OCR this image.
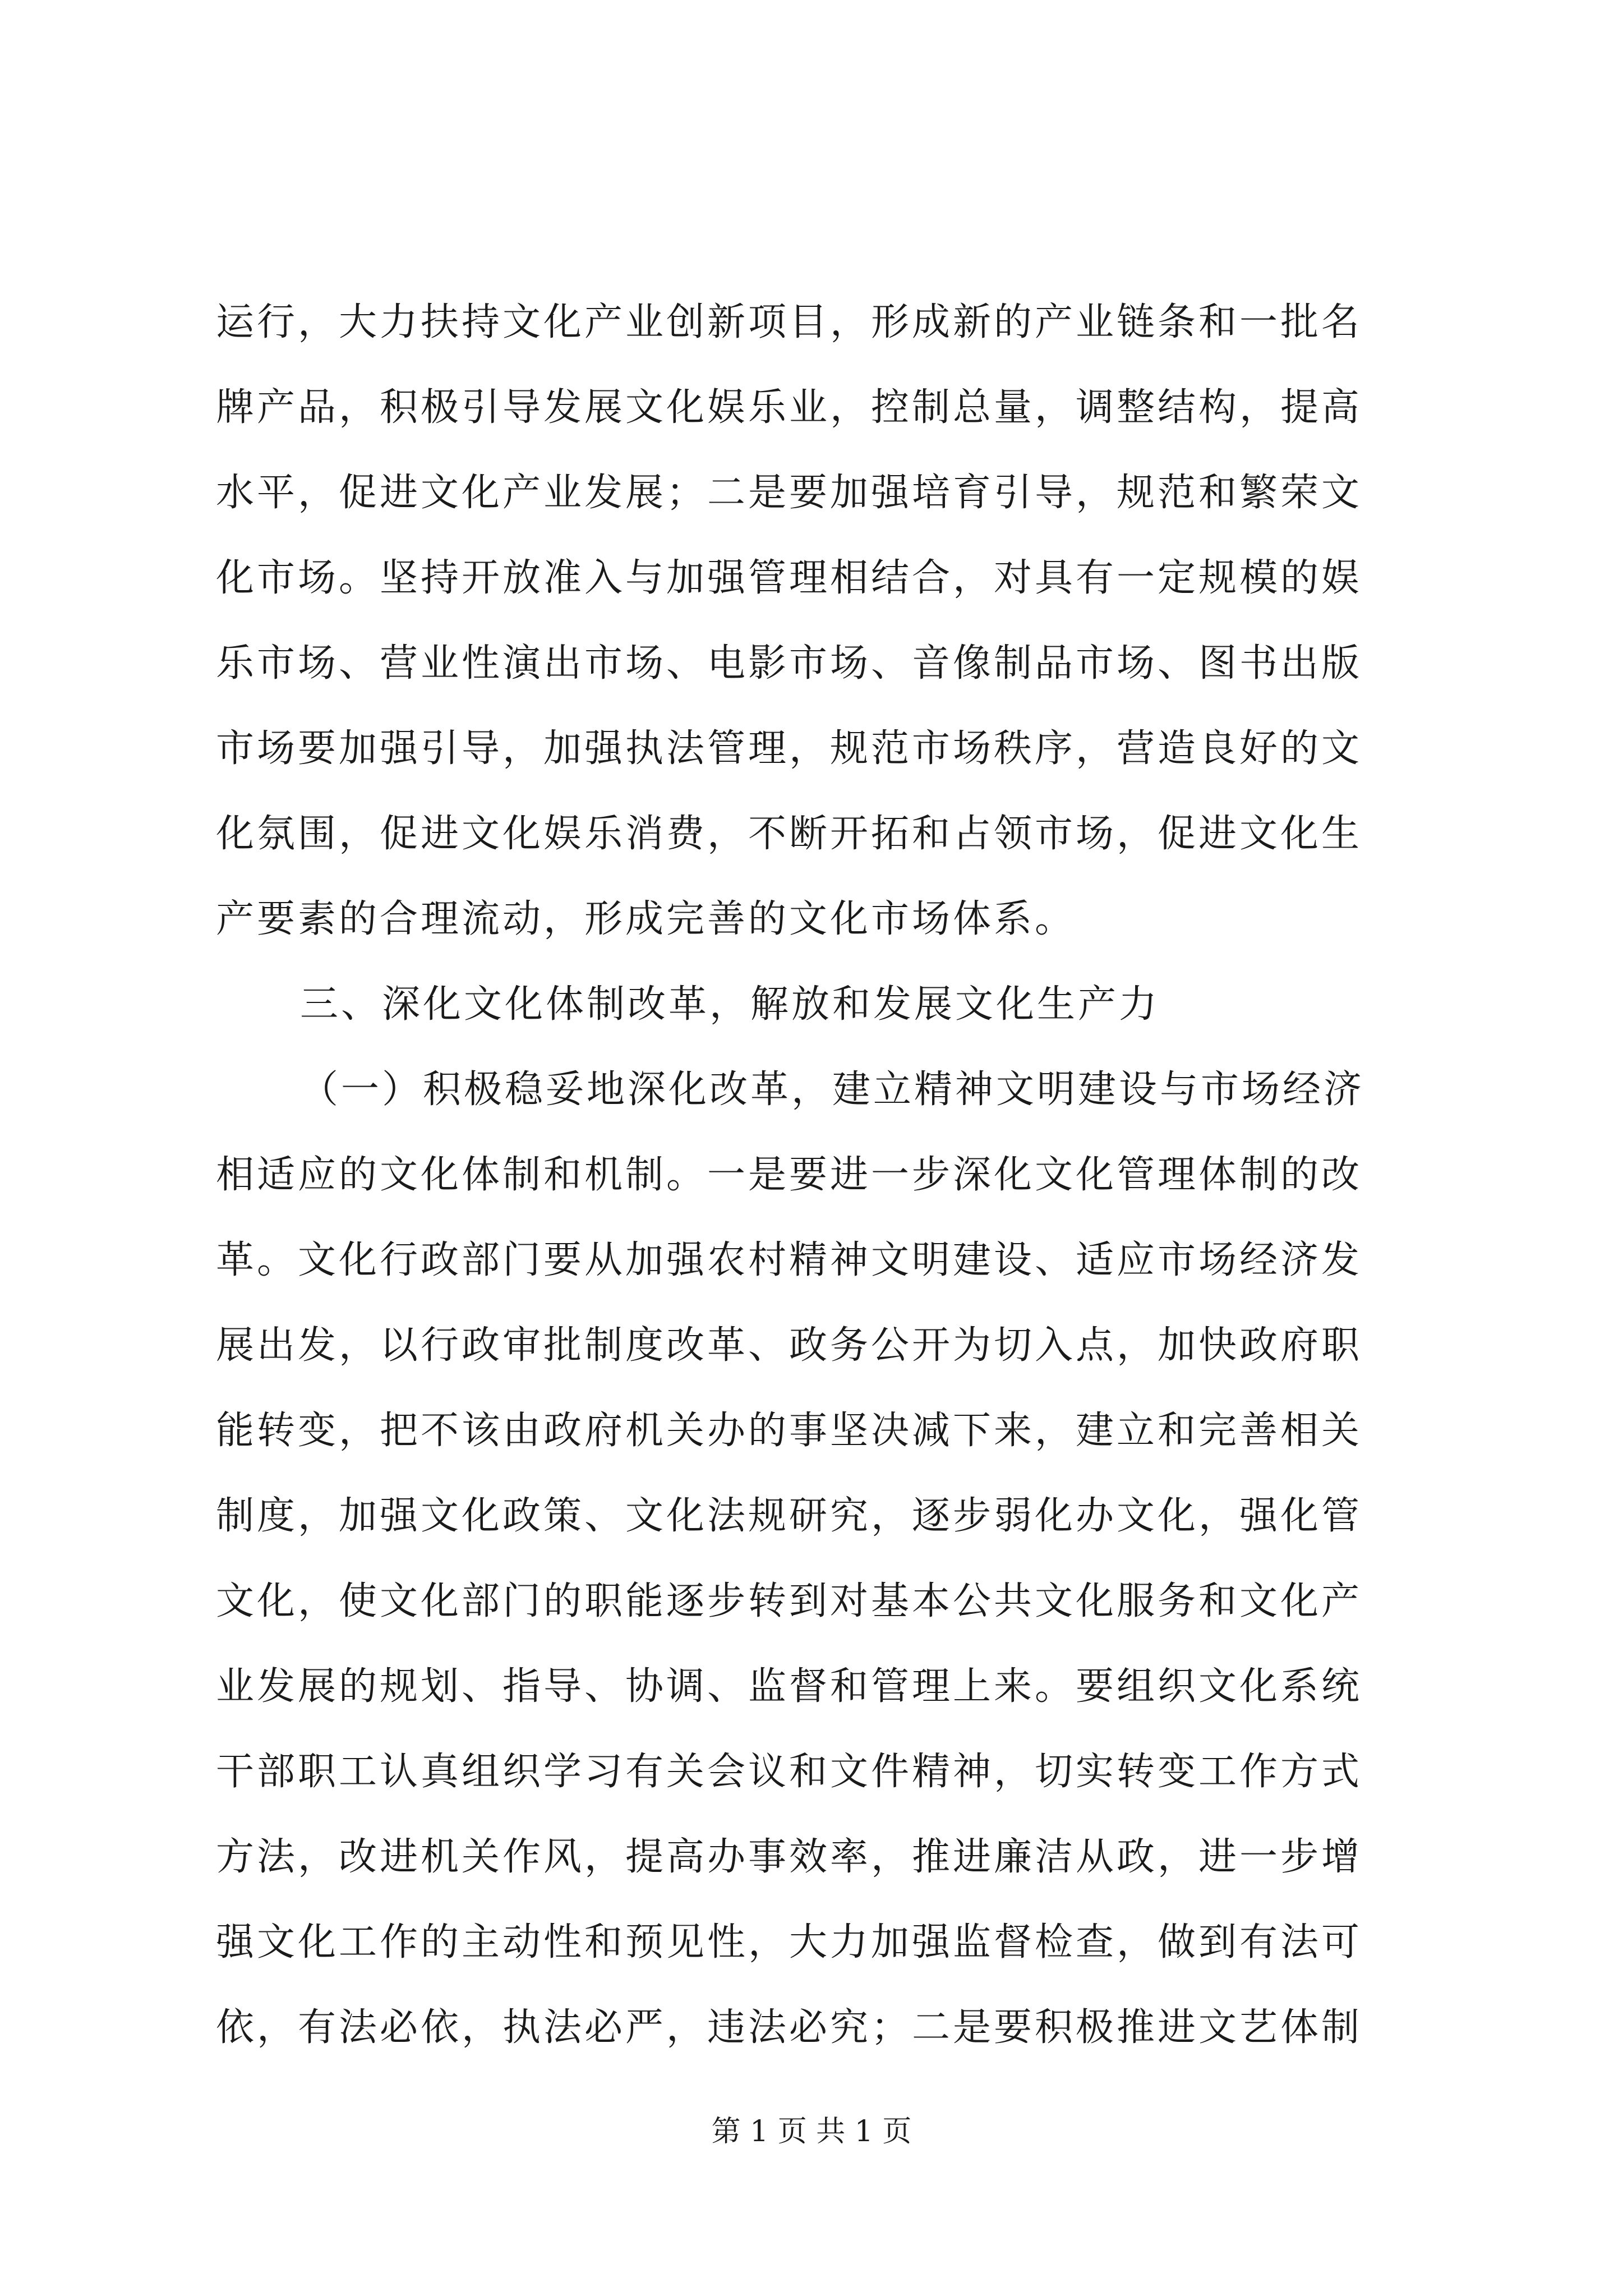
运行，大力扶持文化产业创新项目，形成新的产业链条和一批名
牌产品，积极引导发展文化娱乐业，控制总量，调整结构，提高
水平，促进文化产业发展；二是要加强培育引导，规范和繁荣文
化市场。坚持开放准入与加强管理相结合，对具有一定规模的娱
乐市场、营业性演出市场、电影市场、音像制品市场、图书出版
市场要加强引导，加强执法管理，规范市场秩序，营造良好的文
化氛围，促进文化娱乐消费，不断开拓和占领市场，促进文化生
产要素的合理流动，形成完善的文化市场体系。
三、深化文化体制改革，解放和发展文化生产力
（一）积极稳妥地深化改革，建立精神文明建设与市场经济
相适应的文化体制和机制。一是要进一步深化文化管理体制的改
革。文化行政部门要从加强农村精神文明建设、适应市场经济发
展出发，以行政审批制度改革、政务公开为切入点，加快政府职
能转变，把不该由政府机关办的事坚决减下来，建立和完善相关
制度，加强文化政策、文化法规研究，逐步弱化办文化，强化管
文化，使文化部门的职能逐步转到对基本公共文化服务和文化产
业发展的规划、指导、协调、监督和管理上来。要组织文化系统
干部职工认真组织学习有关会议和文件精神，切实转变工作方式
方法，改进机关作风，提高办事效率，推进廉洁从政，进一步增
强文化工作的主动性和预见性，大力加强监督检查，做到有法可
依，有法必依，执法必严，违法必究；二是要积极推进文艺体制
第 1 页 共 1 页
